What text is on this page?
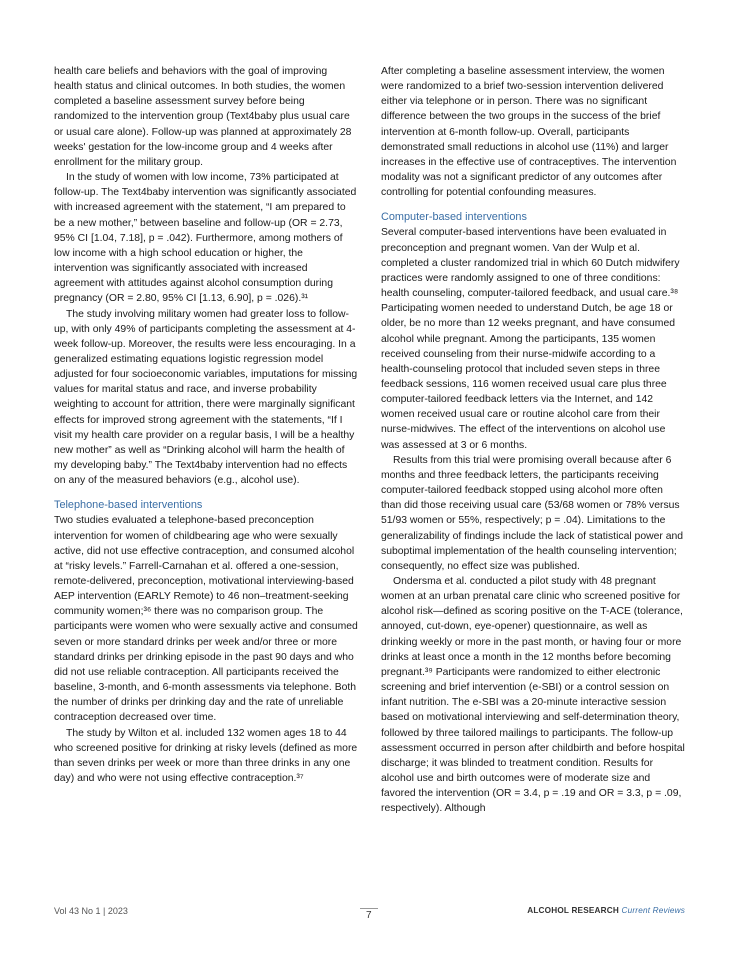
health care beliefs and behaviors with the goal of improving health status and clinical outcomes. In both studies, the women completed a baseline assessment survey before being randomized to the intervention group (Text4baby plus usual care or usual care alone). Follow-up was planned at approximately 28 weeks' gestation for the low-income group and 4 weeks after enrollment for the military group.

In the study of women with low income, 73% participated at follow-up. The Text4baby intervention was significantly associated with increased agreement with the statement, “I am prepared to be a new mother,” between baseline and follow-up (OR = 2.73, 95% CI [1.04, 7.18], p = .042). Furthermore, among mothers of low income with a high school education or higher, the intervention was significantly associated with increased agreement with attitudes against alcohol consumption during pregnancy (OR = 2.80, 95% CI [1.13, 6.90], p = .026).³¹

The study involving military women had greater loss to follow-up, with only 49% of participants completing the assessment at 4-week follow-up. Moreover, the results were less encouraging. In a generalized estimating equations logistic regression model adjusted for four socioeconomic variables, imputations for missing values for marital status and race, and inverse probability weighting to account for attrition, there were marginally significant effects for improved strong agreement with the statements, “If I visit my health care provider on a regular basis, I will be a healthy new mother” as well as “Drinking alcohol will harm the health of my developing baby.” The Text4baby intervention had no effects on any of the measured behaviors (e.g., alcohol use).

Telephone-based interventions

Two studies evaluated a telephone-based preconception intervention for women of childbearing age who were sexually active, did not use effective contraception, and consumed alcohol at “risky levels.” Farrell-Carnahan et al. offered a one-session, remote-delivered, preconception, motivational interviewing-based AEP intervention (EARLY Remote) to 46 non–treatment-seeking community women;³⁶ there was no comparison group. The participants were women who were sexually active and consumed seven or more standard drinks per week and/or three or more standard drinks per drinking episode in the past 90 days and who did not use reliable contraception. All participants received the baseline, 3-month, and 6-month assessments via telephone. Both the number of drinks per drinking day and the rate of unreliable contraception decreased over time.

The study by Wilton et al. included 132 women ages 18 to 44 who screened positive for drinking at risky levels (defined as more than seven drinks per week or more than three drinks in any one day) and who were not using effective contraception.³⁷

After completing a baseline assessment interview, the women were randomized to a brief two-session intervention delivered either via telephone or in person. There was no significant difference between the two groups in the success of the brief intervention at 6-month follow-up. Overall, participants demonstrated small reductions in alcohol use (11%) and larger increases in the effective use of contraceptives. The intervention modality was not a significant predictor of any outcomes after controlling for potential confounding measures.

Computer-based interventions

Several computer-based interventions have been evaluated in preconception and pregnant women. Van der Wulp et al. completed a cluster randomized trial in which 60 Dutch midwifery practices were randomly assigned to one of three conditions: health counseling, computer-tailored feedback, and usual care.³⁸ Participating women needed to understand Dutch, be age 18 or older, be no more than 12 weeks pregnant, and have consumed alcohol while pregnant. Among the participants, 135 women received counseling from their nurse-midwife according to a health-counseling protocol that included seven steps in three feedback sessions, 116 women received usual care plus three computer-tailored feedback letters via the Internet, and 142 women received usual care or routine alcohol care from their nurse-midwives. The effect of the interventions on alcohol use was assessed at 3 or 6 months.

Results from this trial were promising overall because after 6 months and three feedback letters, the participants receiving computer-tailored feedback stopped using alcohol more often than did those receiving usual care (53/68 women or 78% versus 51/93 women or 55%, respectively; p = .04). Limitations to the generalizability of findings include the lack of statistical power and suboptimal implementation of the health counseling intervention; consequently, no effect size was published.

Ondersma et al. conducted a pilot study with 48 pregnant women at an urban prenatal care clinic who screened positive for alcohol risk—defined as scoring positive on the T-ACE (tolerance, annoyed, cut-down, eye-opener) questionnaire, as well as drinking weekly or more in the past month, or having four or more drinks at least once a month in the 12 months before becoming pregnant.³⁹ Participants were randomized to either electronic screening and brief intervention (e-SBI) or a control session on infant nutrition. The e-SBI was a 20-minute interactive session based on motivational interviewing and self-determination theory, followed by three tailored mailings to participants. The follow-up assessment occurred in person after childbirth and before hospital discharge; it was blinded to treatment condition. Results for alcohol use and birth outcomes were of moderate size and favored the intervention (OR = 3.4, p = .19 and OR = 3.3, p = .09, respectively). Although

Vol 43 No 1 | 2023	7	ALCOHOL RESEARCH Current Reviews
